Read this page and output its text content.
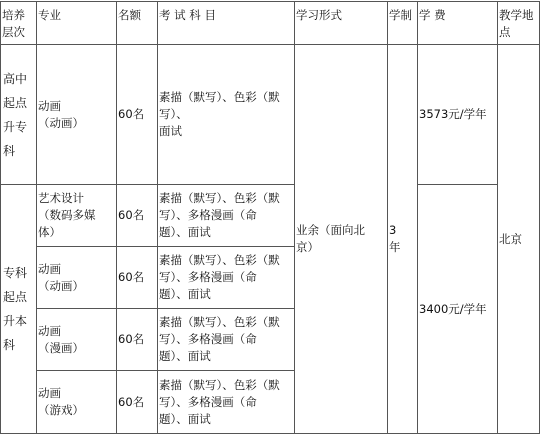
培养层次	专业	名额	考 试 科 目	学习形式	学制	学 费	教学地点

高中起点升专科	动画
（动画）	60名	素描（默写）、色彩（默
写）、
面试	业余（面向北
京）	3
年	3573元/学年	北京

专科起点升本科	艺术设计
（数码多媒
体）	60名	素描（默写）、色彩（默
写）、多格漫画（命
题）、面试			3400元/学年	

	动画
（动画）	60名	素描（默写）、色彩（默
写）、多格漫画（命
题）、面试				

	动画
（漫画）	60名	素描（默写）、色彩（默
写）、多格漫画（命
题）、面试				

	动画
（游戏）	60名	素描（默写）、色彩（默
写）、多格漫画（命
题）、面试				
